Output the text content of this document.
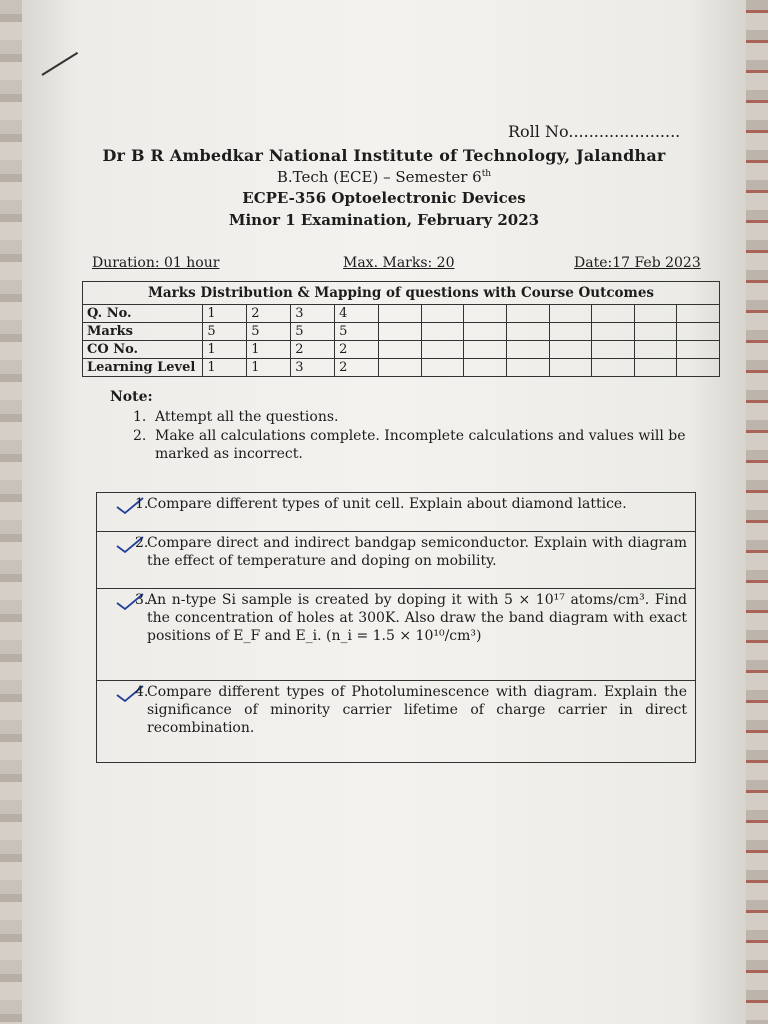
Roll No......................
Dr B R Ambedkar National Institute of Technology, Jalandhar
B.Tech (ECE) – Semester 6th
ECPE-356 Optoelectronic Devices
Minor 1 Examination, February 2023
Duration: 01 hour	Max. Marks: 20	Date:17 Feb 2023
Marks Distribution & Mapping of questions with Course Outcomes												
Q. No.	1	2	3	4								
Marks	5	5	5	5								
CO No.	1	1	2	2								
Learning Level	1	1	3	2								
Note:
1. Attempt all the questions.
2. Make all calculations complete. Incomplete calculations and values will be marked as incorrect.
1.
Compare different types of unit cell. Explain about diamond lattice.
2.
Compare direct and indirect bandgap semiconductor. Explain with diagram the effect of temperature and doping on mobility.
3.
An n-type Si sample is created by doping it with 5 × 10¹⁷ atoms/cm³. Find the concentration of holes at 300K. Also draw the band diagram with exact positions of E_F and E_i. (n_i = 1.5 × 10¹⁰/cm³)
4.
Compare different types of Photoluminescence with diagram. Explain the significance of minority carrier lifetime of charge carrier in direct recombination.
